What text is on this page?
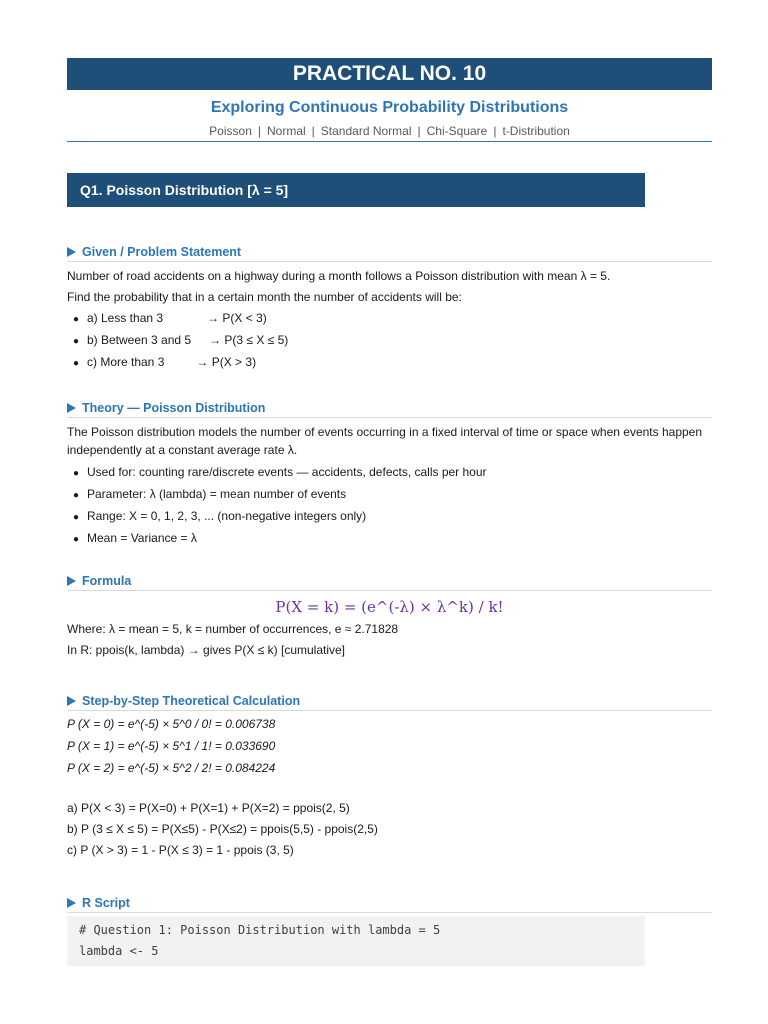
PRACTICAL NO. 10
Exploring Continuous Probability Distributions
Poisson | Normal | Standard Normal | Chi-Square | t-Distribution
Q1. Poisson Distribution [λ = 5]
Given / Problem Statement
Number of road accidents on a highway during a month follows a Poisson distribution with mean λ = 5.
Find the probability that in a certain month the number of accidents will be:
● a) Less than 3	→ P(X < 3)
● b) Between 3 and 5 → P(3 ≤ X ≤ 5)
● c) More than 3	→ P(X > 3)
Theory — Poisson Distribution
The Poisson distribution models the number of events occurring in a fixed interval of time or space when events happen independently at a constant average rate λ.
● Used for: counting rare/discrete events — accidents, defects, calls per hour
● Parameter: λ (lambda) = mean number of events
● Range: X = 0, 1, 2, 3, ... (non-negative integers only)
● Mean = Variance = λ
Formula
P(X = k) = (e^(-λ) × λ^k) / k!
Where: λ = mean = 5, k = number of occurrences, e ≈ 2.71828
In R: ppois(k, lambda) → gives P(X ≤ k) [cumulative]
Step-by-Step Theoretical Calculation
P (X = 0) = e^(-5) × 5^0 / 0! = 0.006738
P (X = 1) = e^(-5) × 5^1 / 1! = 0.033690
P (X = 2) = e^(-5) × 5^2 / 2! = 0.084224
a) P(X < 3) = P(X=0) + P(X=1) + P(X=2) = ppois(2, 5)
b) P (3 ≤ X ≤ 5) = P(X≤5) - P(X≤2) = ppois(5,5) - ppois(2,5)
c) P (X > 3) = 1 - P(X ≤ 3) = 1 - ppois (3, 5)
R Script
# Question 1: Poisson Distribution with lambda = 5
lambda <- 5
